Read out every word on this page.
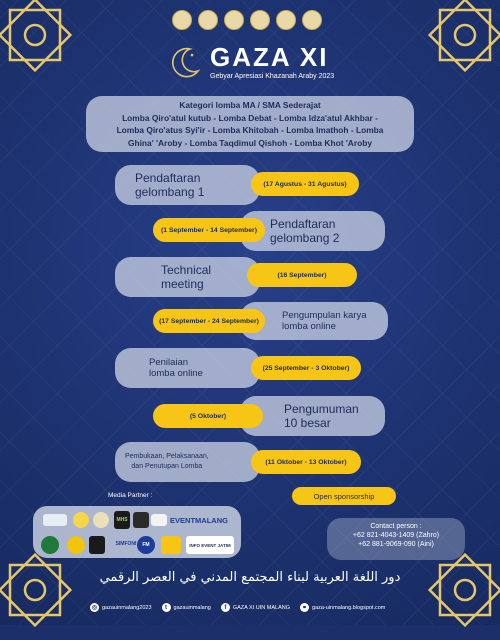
GAZA XI
Gebyar Apresiasi Khazanah Araby 2023
Kategori lomba MA / SMA Sederajat
Lomba Qiro'atul kutub - Lomba Debat - Lomba Idza'atul Akhbar -
Lomba Qiro'atus Syi'ir - Lomba Khitobah - Lomba Imathoh - Lomba
Ghina' 'Aroby - Lomba Taqdimul Qishoh - Lomba Khot 'Aroby
Pendaftaran
gelombang 1
(17 Agustus - 31 Agustus)
Pendaftaran
gelombang 2
(1 September - 14 September)
Technical
meeting
(16 September)
Pengumpulan karya
lomba online
(17 September - 24 September)
Penilaian
lomba online	(25 September - 3 Oktober)
Pengumuman
10 besar
(5 Oktober)
Pembukaan, Pelaksanaan,
dan Penutupan Lomba
(11 Oktober - 13 Oktober)
Open sponsorship
Media Partner :
MHS	EVENTMALANG
SIMFONI	FM	INFO EVENT JATIM
Contact person :
+62 821-4043-1409 (Zahro)
+62 881-9069-090 (Aini)
دور اللغة العربية لبناء المجتمع المدني في العصر الرقمي
◎ gazauinmalang2023	t	gazauinmalang	f	GAZA XI UIN MALANG	⚭ gaza-uinmalang.blogspot.com
